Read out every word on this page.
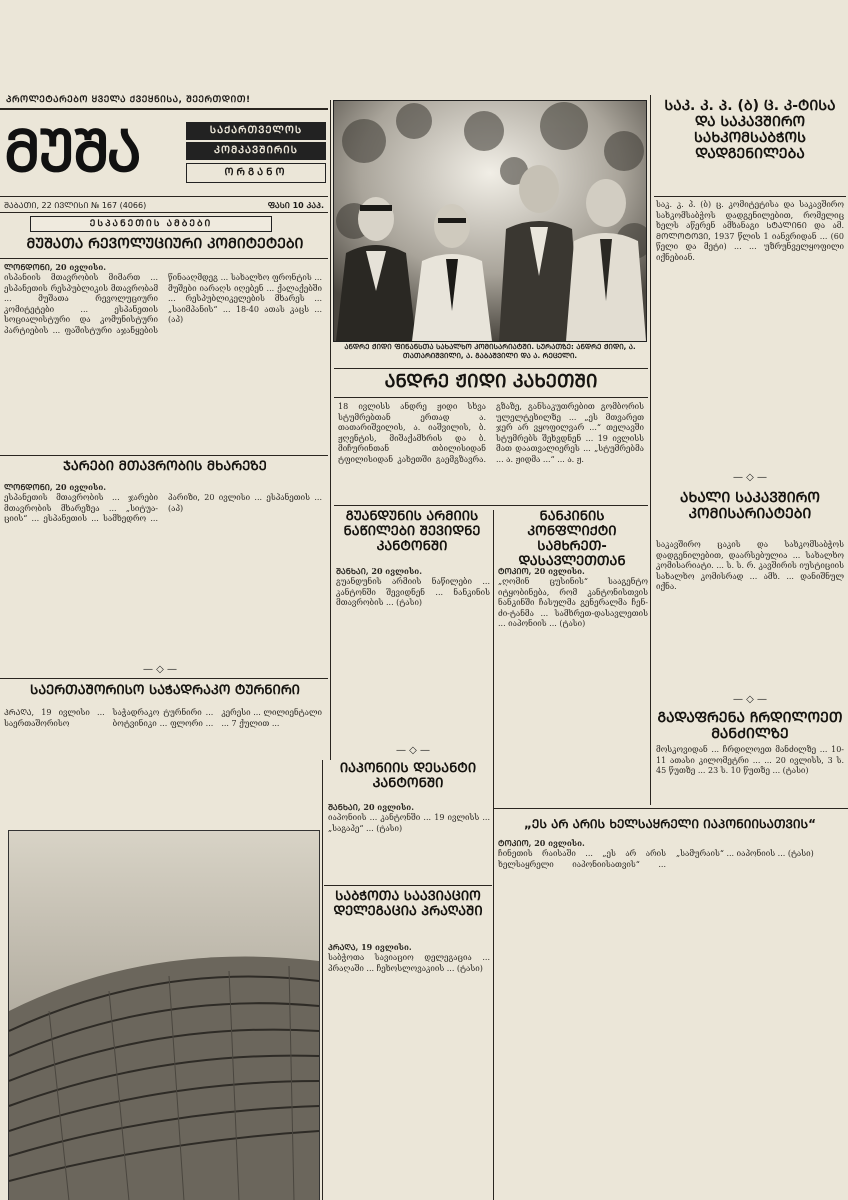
ᲞᲠᲝᲚᲔᲢᲐᲠᲔᲑᲝ ᲧᲕᲔᲚᲐ ᲥᲕᲔᲧᲜᲘᲡᲐ, ᲨᲔᲔᲠᲗᲓᲘᲗ!
ᲛᲣᲨᲐ	ᲡᲐᲥᲐᲠᲗᲕᲔᲚᲝᲡ
ᲙᲝᲛᲙᲐᲕᲨᲘᲠᲘᲡ
ᲝᲠᲒᲐᲜᲝ
ᲨᲐᲑᲐᲗᲘ, 22 ᲘᲕᲚᲘᲡᲘ № 167 (4066)	ᲤᲐᲡᲘ 10 ᲙᲐᲞ.
ᲐᲜᲓᲠᲔ ᲟᲘᲓᲘ ᲤᲘᲜᲐᲜᲡᲗᲐ ᲡᲐᲮᲐᲚᲮᲝ ᲙᲝᲛᲘᲡᲐᲠᲘᲐᲢᲨᲘ. ᲡᲣᲠᲐᲗᲖᲔ: ᲐᲜᲓᲠᲔ ᲟᲘᲓᲘ, Ა. ᲗᲐᲗᲐᲠᲘᲨᲕᲘᲚᲘ, Ა. ᲒᲐᲑᲐᲨᲕᲘᲚᲘ ᲓᲐ Ა. ᲠᲔᲪᲔᲚᲘ.
ᲔᲡᲞᲐᲜᲔᲗᲘᲡ ᲐᲛᲑᲔᲑᲘ
ᲛᲣᲨᲐᲗᲐ ᲠᲔᲕᲝᲚᲣᲪᲘᲣᲠᲘ ᲙᲝᲛᲘᲢᲔᲢᲔᲑᲘ
ᲚᲝᲜᲓᲝᲜᲘ, 20 ივლისი.
ისპანიის მთავრობის მიმართ ... ესპანეთის რესპუბლიკის მთავრობამ ... მუშათა რევოლუციური კომიტეტები ... ესპანეთის სოციალისტური და კომუნისტური პარტიების ... ფაშისტური აჯანყების წინააღმდეგ ... სახალხო ფრონტის ... მუშები იარაღს იღებენ ... ქალაქებში ... რესპუბლიკელების მხარეს ... „საიმპანის“ ... 18-40 ათას კაცს ... (აპ)
ᲯᲐᲠᲔᲑᲘ ᲛᲗᲐᲕᲠᲝᲑᲘᲡ ᲛᲮᲐᲠᲔᲖᲔ
ᲚᲝᲜᲓᲝᲜᲘ, 20 ივლისი.
ესპანეთის მთავრობის ... ჯარები მთავრობის მხარეზეა ... „სიტუა-ციის“ ... ესპანეთის ... სამხედრო ... პარიზი, 20 ივლისი ... ესპანეთის ... (აპ)
— ◇ —
ᲡᲐᲔᲠᲗᲐᲨᲝᲠᲘᲡᲝ ᲡᲐᲭᲐᲓᲠᲐᲙᲝ ᲢᲣᲠᲜᲘᲠᲘ
ᲞᲠᲐᲦᲐ, 19 ივლისი ... საერთაშორისო საჭადრაკო ტურნირი ... ბოტვინიკი ... ფლორი ... კერესი ... ლილიენტალი ... 7 ქულით ...
ᲐᲜᲓᲠᲔ ᲟᲘᲓᲘ ᲙᲐᲮᲔᲗᲨᲘ
18 ივლისს ანდრე ჟიდი სხვა სტუმრებთან ერთად ა. თათარიშვილის, ა. იაშვილის, ბ. ჟღენტის, მიშაქამხრის და ბ. მიჩურინთან თბილისიდან ტფილისიდან კახეთში გაემგზავრა. გზაზე, განსაკუთრებით გომბორის ულელტეხილზე ... „ეს მთვარეთ ჯერ არ ვყოფილვარ ...“ თელავში სტუმრებს შეხვდნენ ... 19 ივლისს მათ დაათვალიერეს ... „სტუმრებმა ... ა. ჟიდმა ...“ ... ა. ჟ.
ᲒᲣᲐᲜᲓᲣᲜᲘᲡ ᲐᲠᲛᲘᲘᲡ ᲜᲐᲬᲘᲚᲔᲑᲘ ᲨᲔᲕᲘᲓᲜᲔ ᲙᲐᲜᲢᲝᲜᲨᲘ
ᲨᲐᲜᲮᲐᲘ, 20 ივლისი.
გუანდუნის არმიის ნაწილები ... კანტონში შევიდნენ ... ნანკინის მთავრობის ... (ტასი)
— ◇ —
ᲘᲐᲞᲝᲜᲘᲘᲡ ᲓᲔᲡᲐᲜᲢᲘ ᲙᲐᲜᲢᲝᲜᲨᲘ
ᲨᲐᲜᲮᲐᲘ, 20 ივლისი.
იაპონიის ... კანტონში ... 19 ივლისს ... „საგაპე“ ... (ტასი)
ᲡᲐᲑᲭᲝᲗᲐ ᲡᲐᲐᲕᲘᲐᲪᲘᲝ ᲓᲔᲚᲔᲒᲐᲪᲘᲐ ᲞᲠᲐᲦᲐᲨᲘ
ᲞᲠᲐᲦᲐ, 19 ივლისი.
საბჭოთა სავიაციო დელეგაცია ... პრაღაში ... ჩეხოსლოვაკიის ... (ტასი)
ᲜᲐᲜᲙᲘᲜᲘᲡ ᲙᲝᲜᲤᲚᲘᲥᲢᲘ ᲡᲐᲛᲮᲠᲔᲗ-ᲓᲐᲡᲐᲕᲚᲔᲗᲗᲐᲜ
ᲢᲝᲙᲘᲝ, 20 ივლისი.
„ღომინ ცუსინის“ სააგენტო იტყობინება, რომ კანტონისთვის ნანკინში ჩასულმა გენერალმა ჩენ-ძი-ტანმა ... სამხრეთ-დასავლეთის ... იაპონიის ... (ტასი)
„ᲔᲡ ᲐᲠ ᲐᲠᲘᲡ ᲮᲔᲚᲡᲐᲧᲠᲔᲚᲘ ᲘᲐᲞᲝᲜᲘᲘᲡᲐᲗᲕᲘᲡ“
ᲢᲝᲙᲘᲝ, 20 ივლისი.
ჩინეთის რაისაში ... „ეს არ არის ხელსაყრელი იაპონიისათვის“ ... „სამურაის“ ... იაპონიის ... (ტასი)
ᲡᲐᲙ. Კ. Პ. (Ბ) Ც. Კ-ᲢᲘᲡᲐ ᲓᲐ ᲡᲐᲙᲐᲕᲨᲘᲠᲝ ᲡᲐᲮᲙᲝᲛᲡᲐᲑᲭᲝᲡ ᲓᲐᲓᲒᲔᲜᲘᲚᲔᲑᲐ
საკ. კ. პ. (ბ) ც. კომიტეტისა და საკავშირო სახკომსაბჭოს დადგენილებით, რომელიც ხელს აწერენ ამხანაგი ᲡᲢᲐᲚᲘᲜᲘ და ამ. ᲛᲝᲚᲝᲢᲝᲕᲘ, 1937 წლის 1 იანვრიდან ... (60 წელი და მეტი) ... ... უზრუნველყოფილი იქნებიან.
— ◇ —
ᲐᲮᲐᲚᲘ ᲡᲐᲙᲐᲕᲨᲘᲠᲝ ᲙᲝᲛᲘᲡᲐᲠᲘᲐᲢᲔᲑᲘ
საკავშირო ცაკის და სახკომსაბჭოს დადგენილებით, დაარსებულია ... სახალხო კომისარიატი. ... ს. ს. რ. კავშირის იუსტიციის სახალხო კომისრად ... ამხ. ... დანიშნულ იქნა.
— ◇ —
ᲒᲐᲓᲐᲤᲠᲔᲜᲐ ᲩᲠᲓᲘᲚᲝᲔᲗ ᲛᲐᲜᲫᲘᲚᲖᲔ
მოსკოვიდან ... ჩრდილოეთ მანძილზე ... 10-11 ათასი კილომეტრი ... ... 20 ივლისს, 3 ს. 45 წუთზე ... 23 ს. 10 წუთზე ... (ტასი)
